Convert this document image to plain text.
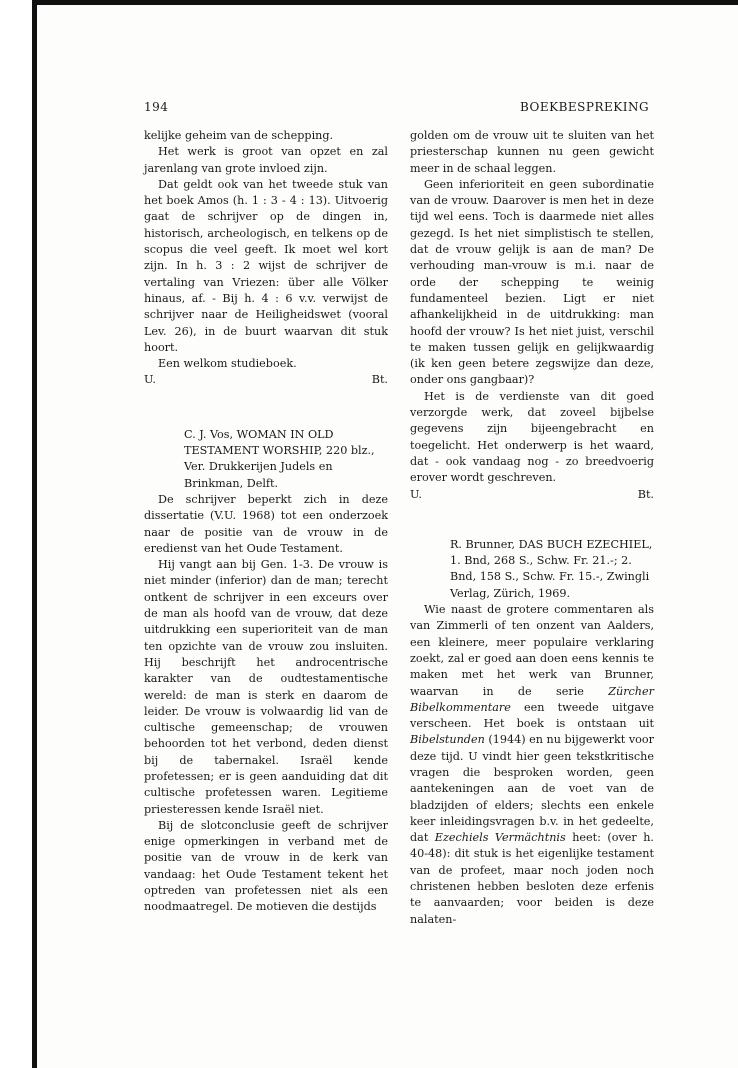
194	BOEKBESPREKING

kelijke geheim van de schepping.

Het werk is groot van opzet en zal jarenlang van grote invloed zijn.

Dat geldt ook van het tweede stuk van het boek Amos (h. 1 : 3 - 4 : 13). Uitvoerig gaat de schrijver op de dingen in, historisch, archeologisch, en telkens op de scopus die veel geeft. Ik moet wel kort zijn. In h. 3 : 2 wijst de schrijver de vertaling van Vriezen: über alle Völker hinaus, af. - Bij h. 4 : 6 v.v. verwijst de schrijver naar de Heiligheidswet (vooral Lev. 26), in de buurt waarvan dit stuk hoort.

Een welkom studieboek.

U.	Bt.

C. J. Vos, WOMAN IN OLD TESTAMENT WORSHIP, 220 blz., Ver. Drukkerijen Judels en Brinkman, Delft.

De schrijver beperkt zich in deze dissertatie (V.U. 1968) tot een onderzoek naar de positie van de vrouw in de eredienst van het Oude Testament.

Hij vangt aan bij Gen. 1-3. De vrouw is niet minder (inferior) dan de man; terecht ontkent de schrijver in een exceurs over de man als hoofd van de vrouw, dat deze uitdrukking een superioriteit van de man ten opzichte van de vrouw zou insluiten. Hij beschrijft het androcentrische karakter van de oudtestamentische wereld: de man is sterk en daarom de leider. De vrouw is volwaardig lid van de cultische gemeenschap; de vrouwen behoorden tot het verbond, deden dienst bij de tabernakel. Israël kende profetessen; er is geen aanduiding dat dit cultische profetessen waren. Legitieme priesteressen kende Israël niet.

Bij de slotconclusie geeft de schrijver enige opmerkingen in verband met de positie van de vrouw in de kerk van vandaag: het Oude Testament tekent het optreden van profetessen niet als een noodmaatregel. De motieven die destijds

golden om de vrouw uit te sluiten van het priesterschap kunnen nu geen gewicht meer in de schaal leggen.

Geen inferioriteit en geen subordinatie van de vrouw. Daarover is men het in deze tijd wel eens. Toch is daarmede niet alles gezegd. Is het niet simplistisch te stellen, dat de vrouw gelijk is aan de man? De verhouding man-vrouw is m.i. naar de orde der schepping te weinig fundamenteel bezien. Ligt er niet afhankelijkheid in de uitdrukking: man hoofd der vrouw? Is het niet juist, verschil te maken tussen gelijk en gelijkwaardig (ik ken geen betere zegswijze dan deze, onder ons gangbaar)?

Het is de verdienste van dit goed verzorgde werk, dat zoveel bijbelse gegevens zijn bijeengebracht en toegelicht. Het onderwerp is het waard, dat - ook vandaag nog - zo breedvoerig erover wordt geschreven.

U.	Bt.

R. Brunner, DAS BUCH EZECHIEL, 1. Bnd, 268 S., Schw. Fr. 21.-; 2. Bnd, 158 S., Schw. Fr. 15.-, Zwingli Verlag, Zürich, 1969.

Wie naast de grotere commentaren als van Zimmerli of ten onzent van Aalders, een kleinere, meer populaire verklaring zoekt, zal er goed aan doen eens kennis te maken met het werk van Brunner, waarvan in de serie Zürcher Bibelkommentare een tweede uitgave verscheen. Het boek is ontstaan uit Bibelstunden (1944) en nu bijgewerkt voor deze tijd. U vindt hier geen tekstkritische vragen die besproken worden, geen aantekeningen aan de voet van de bladzijden of elders; slechts een enkele keer inleidingsvragen b.v. in het gedeelte, dat Ezechiels Vermächtnis heet: (over h. 40-48): dit stuk is het eigenlijke testament van de profeet, maar noch joden noch christenen hebben besloten deze erfenis te aanvaarden; voor beiden is deze nalaten-
